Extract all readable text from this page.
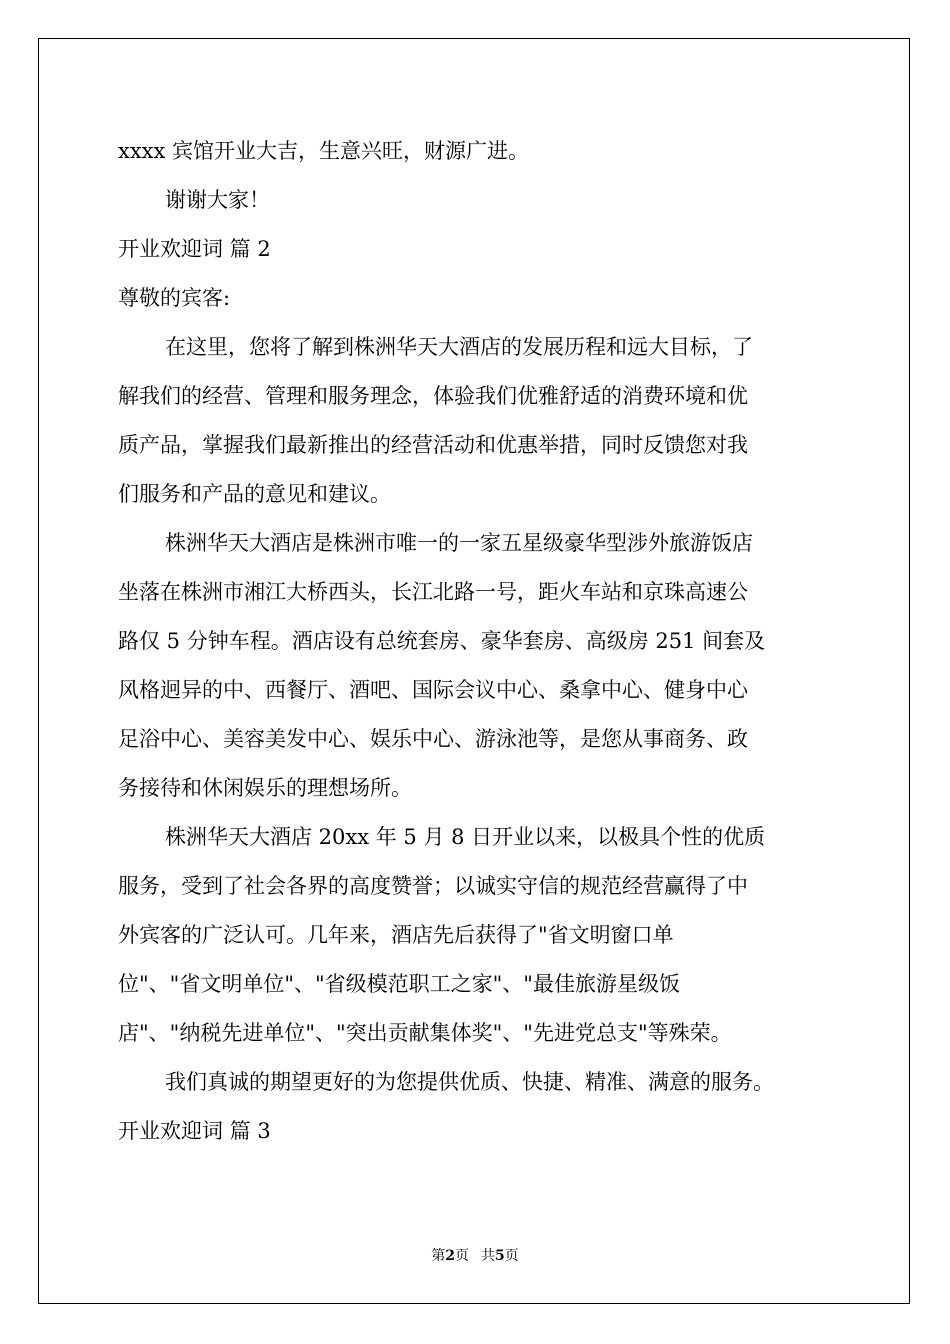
xxxx 宾馆开业大吉，生意兴旺，财源广进。
谢谢大家！
开业欢迎词 篇 2
尊敬的宾客:
在这里，您将了解到株洲华天大酒店的发展历程和远大目标，了
解我们的经营、管理和服务理念，体验我们优雅舒适的消费环境和优
质产品，掌握我们最新推出的经营活动和优惠举措，同时反馈您对我
们服务和产品的意见和建议。
株洲华天大酒店是株洲市唯一的一家五星级豪华型涉外旅游饭店
坐落在株洲市湘江大桥西头，长江北路一号，距火车站和京珠高速公
路仅 5 分钟车程。酒店设有总统套房、豪华套房、高级房 251 间套及
风格迥异的中、西餐厅、酒吧、国际会议中心、桑拿中心、健身中心
足浴中心、美容美发中心、娱乐中心、游泳池等，是您从事商务、政
务接待和休闲娱乐的理想场所。
株洲华天大酒店 20xx 年 5 月 8 日开业以来，以极具个性的优质
服务，受到了社会各界的高度赞誉；以诚实守信的规范经营赢得了中
外宾客的广泛认可。几年来，酒店先后获得了"省文明窗口单
位"、"省文明单位"、"省级模范职工之家"、"最佳旅游星级饭
店"、"纳税先进单位"、"突出贡献集体奖"、"先进党总支"等殊荣。
我们真诚的期望更好的为您提供优质、快捷、精准、满意的服务。
开业欢迎词 篇 3
第2页 共5页
